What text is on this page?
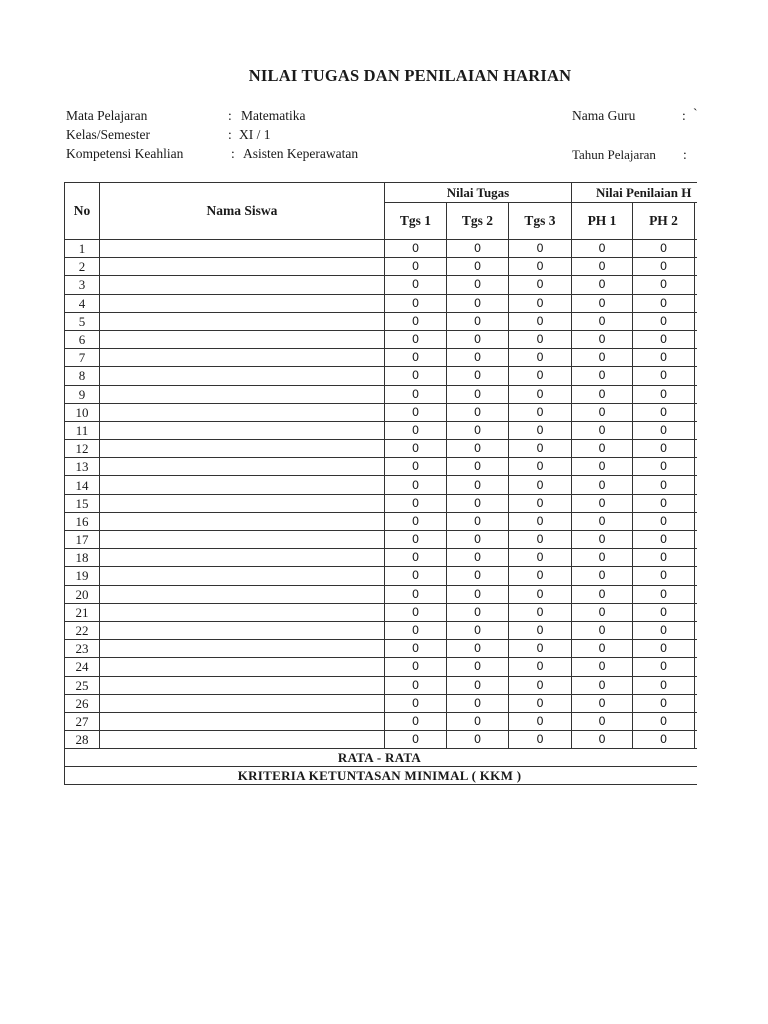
NILAI TUGAS DAN PENILAIAN HARIAN
Mata Pelajaran	: Matematika
Kelas/Semester	: XI / 1
Kompetensi Keahlian	: Asisten Keperawatan
Nama Guru	: `
Tahun Pelajaran :
No	Nama Siswa	Nilai Tugas			Nilai Penilaian H		
		Tgs 1	Tgs 2	Tgs 3	PH 1	PH 2	
1		0	0	0	0	0	
2		0	0	0	0	0	
3		0	0	0	0	0	
4		0	0	0	0	0	
5		0	0	0	0	0	
6		0	0	0	0	0	
7		0	0	0	0	0	
8		0	0	0	0	0	
9		0	0	0	0	0	
10		0	0	0	0	0	
11		0	0	0	0	0	
12		0	0	0	0	0	
13		0	0	0	0	0	
14		0	0	0	0	0	
15		0	0	0	0	0	
16		0	0	0	0	0	
17		0	0	0	0	0	
18		0	0	0	0	0	
19		0	0	0	0	0	
20		0	0	0	0	0	
21		0	0	0	0	0	
22		0	0	0	0	0	
23		0	0	0	0	0	
24		0	0	0	0	0	
25		0	0	0	0	0	
26		0	0	0	0	0	
27		0	0	0	0	0	
28		0	0	0	0	0	
RATA - RATA							
KRITERIA KETUNTASAN MINIMAL ( KKM )							
